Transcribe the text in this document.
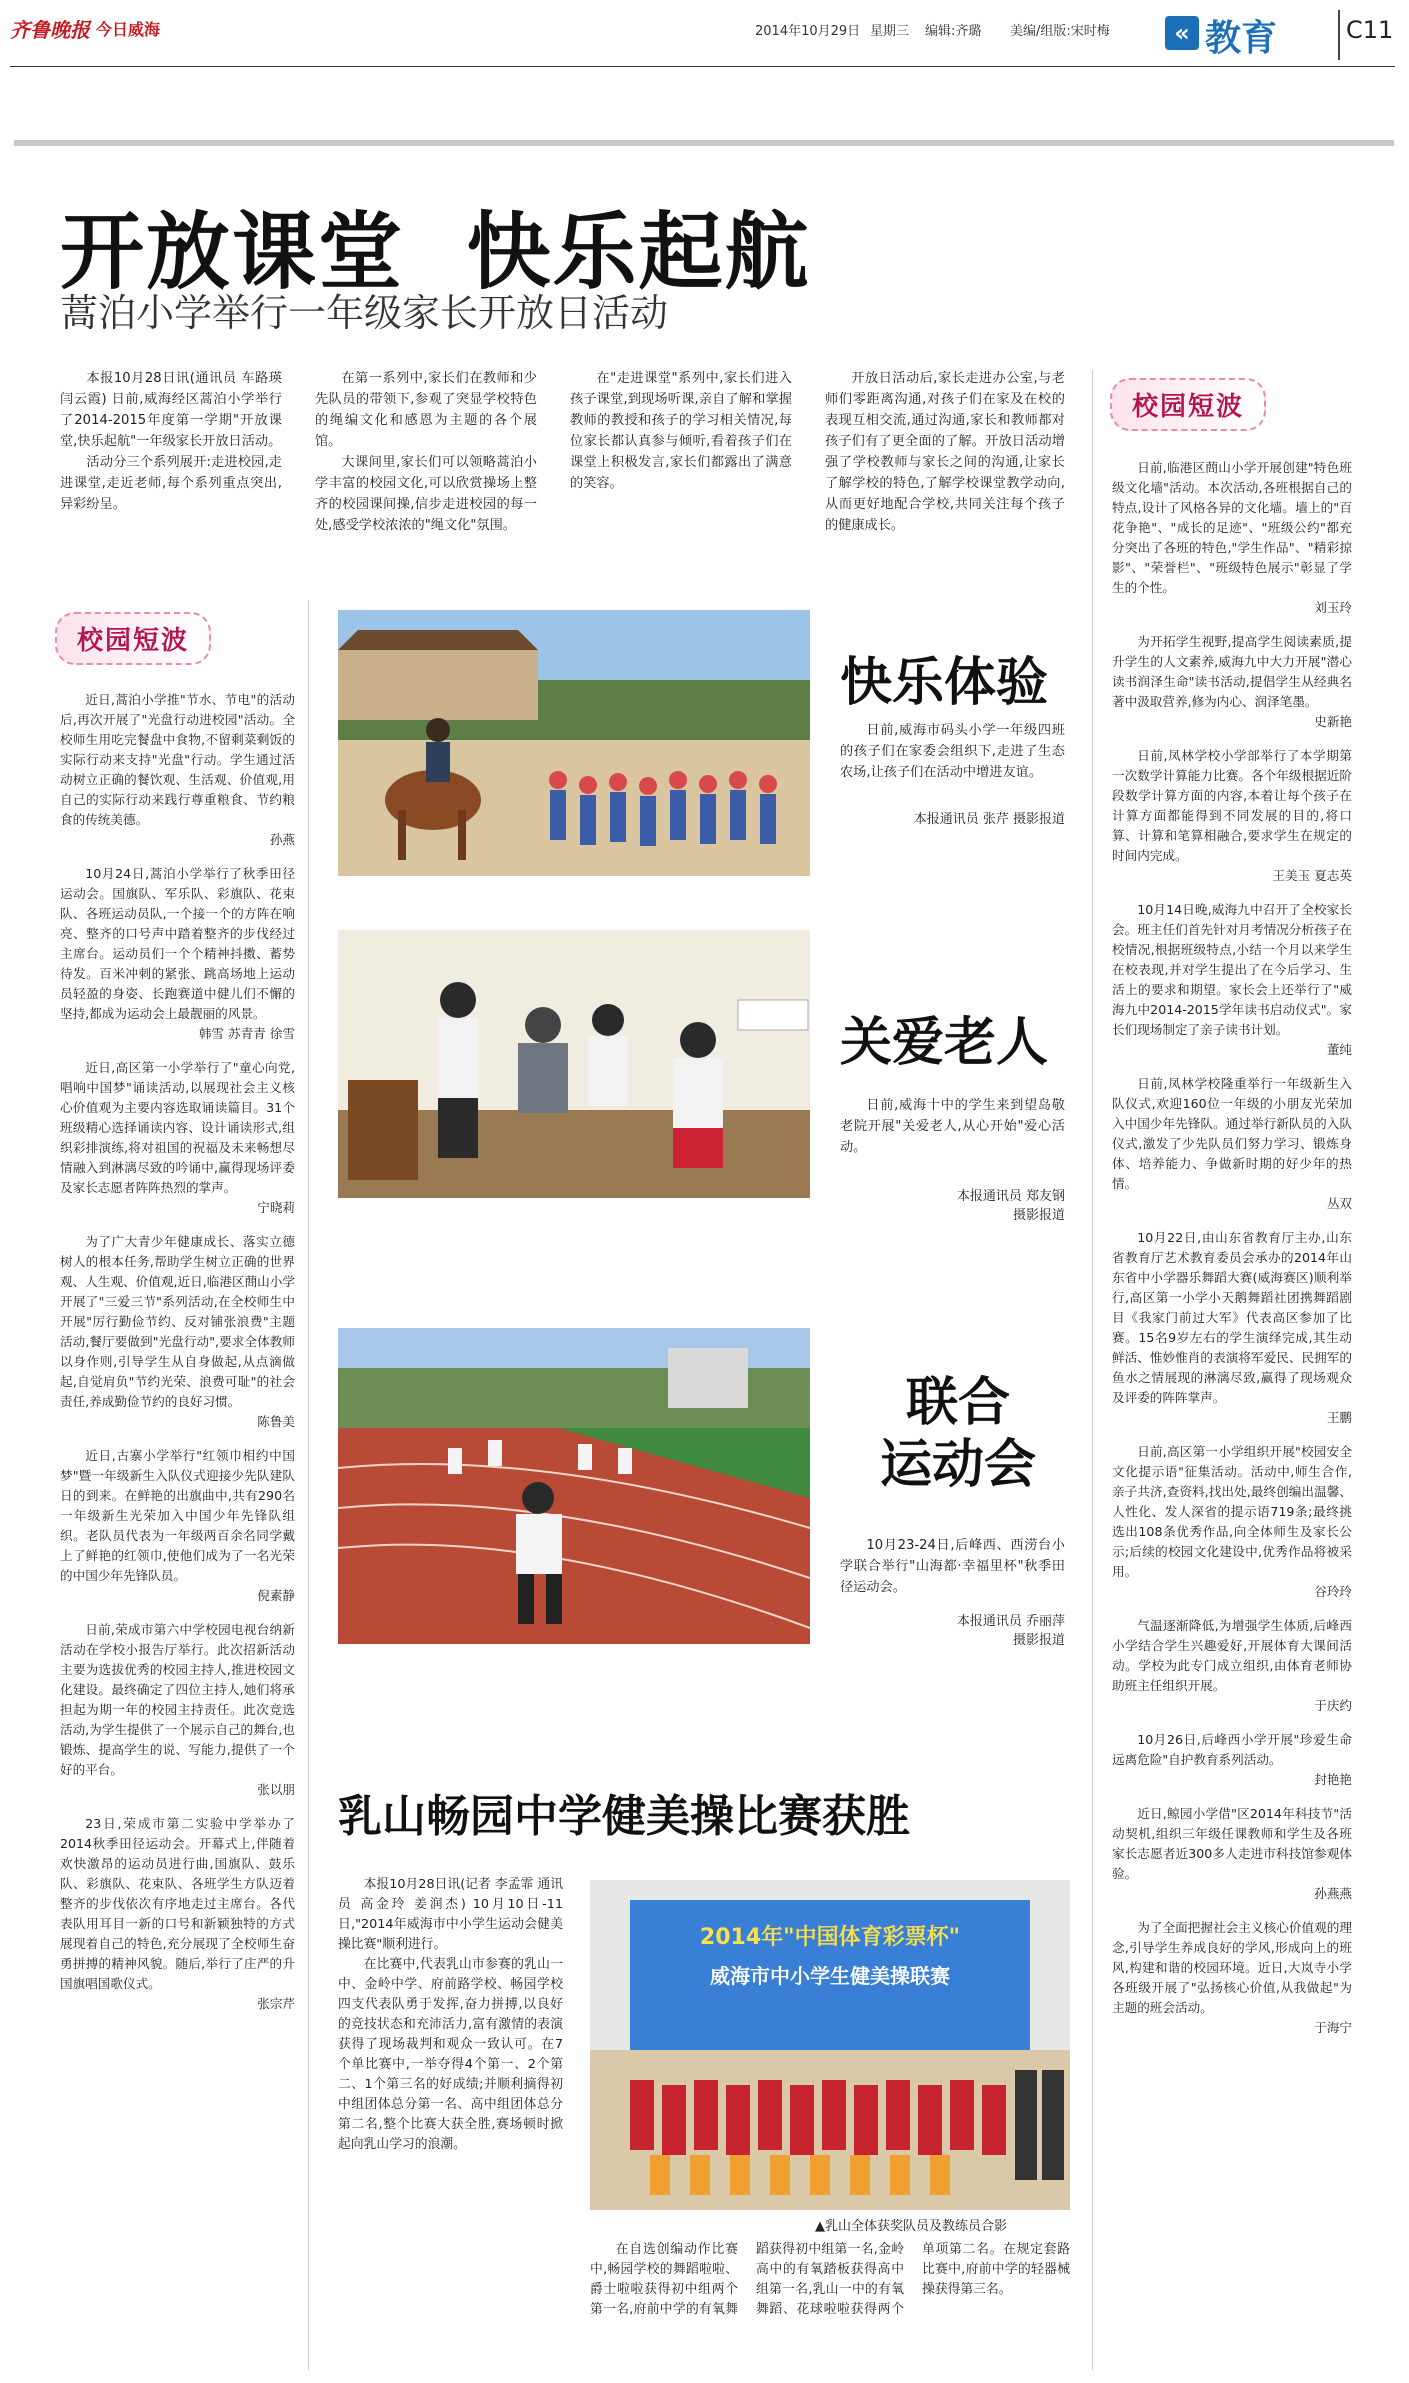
齐鲁晚报 今日威海	2014年10月29日 星期三 编辑:齐璐 美编/组版:宋时梅	« 教育	C11
开放课堂  快乐起航
蒿泊小学举行一年级家长开放日活动

本报10月28日讯(通讯员 车路瑛 闫云霞) 日前,威海经区蒿泊小学举行了2014-2015年度第一学期"开放课堂,快乐起航"一年级家长开放日活动。

活动分三个系列展开:走进校园,走进课堂,走近老师,每个系列重点突出,异彩纷呈。

在第一系列中,家长们在教师和少先队员的带领下,参观了突显学校特色的绳编文化和感恩为主题的各个展馆。

大课间里,家长们可以领略蒿泊小学丰富的校园文化,可以欣赏操场上整齐的校园课间操,信步走进校园的每一处,感受学校浓浓的"绳文化"氛围。

在"走进课堂"系列中,家长们进入孩子课堂,到现场听课,亲自了解和掌握教师的教授和孩子的学习相关情况,每位家长都认真参与倾听,看着孩子们在课堂上积极发言,家长们都露出了满意的笑容。

开放日活动后,家长走进办公室,与老师们零距离沟通,对孩子们在家及在校的表现互相交流,通过沟通,家长和教师都对孩子们有了更全面的了解。开放日活动增强了学校教师与家长之间的沟通,让家长了解学校的特色,了解学校课堂教学动向,从而更好地配合学校,共同关注每个孩子的健康成长。

校园短波

近日,蒿泊小学推"节水、节电"的活动后,再次开展了"光盘行动进校园"活动。全校师生用吃完餐盘中食物,不留剩菜剩饭的实际行动来支持"光盘"行动。学生通过活动树立正确的餐饮观、生活观、价值观,用自己的实际行动来践行尊重粮食、节约粮食的传统美德。

孙燕

10月24日,蒿泊小学举行了秋季田径运动会。国旗队、军乐队、彩旗队、花束队、各班运动员队,一个接一个的方阵在响亮、整齐的口号声中踏着整齐的步伐经过主席台。运动员们一个个精神抖擞、蓄势待发。百米冲刺的紧张、跳高场地上运动员轻盈的身姿、长跑赛道中健儿们不懈的坚持,都成为运动会上最靓丽的风景。

韩雪 苏青青 徐雪

近日,高区第一小学举行了"童心向党,唱响中国梦"诵读活动,以展现社会主义核心价值观为主要内容选取诵读篇目。31个班级精心选择诵读内容、设计诵读形式,组织彩排演练,将对祖国的祝福及未来畅想尽情融入到淋漓尽致的吟诵中,赢得现场评委及家长志愿者阵阵热烈的掌声。

宁晓莉

为了广大青少年健康成长、落实立德树人的根本任务,帮助学生树立正确的世界观、人生观、价值观,近日,临港区蔄山小学开展了"三爱三节"系列活动,在全校师生中开展"厉行勤俭节约、反对铺张浪费"主题活动,餐厅要做到"光盘行动",要求全体教师以身作则,引导学生从自身做起,从点滴做起,自觉肩负"节约光荣、浪费可耻"的社会责任,养成勤俭节约的良好习惯。

陈鲁美

近日,古寨小学举行"红领巾相约中国梦"暨一年级新生入队仪式迎接少先队建队日的到来。在鲜艳的出旗曲中,共有290名一年级新生光荣加入中国少年先锋队组织。老队员代表为一年级两百余名同学戴上了鲜艳的红领巾,使他们成为了一名光荣的中国少年先锋队员。

倪素静

日前,荣成市第六中学校园电视台纳新活动在学校小报告厅举行。此次招新活动主要为选拔优秀的校园主持人,推进校园文化建设。最终确定了四位主持人,她们将承担起为期一年的校园主持责任。此次竞选活动,为学生提供了一个展示自己的舞台,也锻炼、提高学生的说、写能力,提供了一个好的平台。

张以朋

23日,荣成市第二实验中学举办了2014秋季田径运动会。开幕式上,伴随着欢快激昂的运动员进行曲,国旗队、鼓乐队、彩旗队、花束队、各班学生方队迈着整齐的步伐依次有序地走过主席台。各代表队用耳目一新的口号和新颖独特的方式展现着自己的特色,充分展现了全校师生奋勇拼搏的精神风貌。随后,举行了庄严的升国旗唱国歌仪式。

张宗芹
校园短波

日前,临港区蔄山小学开展创建"特色班级文化墙"活动。本次活动,各班根据自己的特点,设计了风格各异的文化墙。墙上的"百花争艳"、"成长的足迹"、"班级公约"都充分突出了各班的特色,"学生作品"、"精彩掠影"、"荣誉栏"、"班级特色展示"彰显了学生的个性。

刘玉玲

为开拓学生视野,提高学生阅读素质,提升学生的人文素养,威海九中大力开展"潜心读书润泽生命"读书活动,提倡学生从经典名著中汲取营养,修为内心、润泽笔墨。

史新艳

日前,凤林学校小学部举行了本学期第一次数学计算能力比赛。各个年级根据近阶段数学计算方面的内容,本着让每个孩子在计算方面都能得到不同发展的目的,将口算、计算和笔算相融合,要求学生在规定的时间内完成。

王美玉 夏志英

10月14日晚,威海九中召开了全校家长会。班主任们首先针对月考情况分析孩子在校情况,根据班级特点,小结一个月以来学生在校表现,并对学生提出了在今后学习、生活上的要求和期望。家长会上还举行了"威海九中2014-2015学年读书启动仪式"。家长们现场制定了亲子读书计划。

董纯

日前,凤林学校隆重举行一年级新生入队仪式,欢迎160位一年级的小朋友光荣加入中国少年先锋队。通过举行新队员的入队仪式,激发了少先队员们努力学习、锻炼身体、培养能力、争做新时期的好少年的热情。

丛双

10月22日,由山东省教育厅主办,山东省教育厅艺术教育委员会承办的2014年山东省中小学器乐舞蹈大赛(威海赛区)顺利举行,高区第一小学小天鹅舞蹈社团携舞蹈剧目《我家门前过大军》代表高区参加了比赛。15名9岁左右的学生演绎完成,其生动鲜活、惟妙惟肖的表演将军爱民、民拥军的鱼水之情展现的淋漓尽致,赢得了现场观众及评委的阵阵掌声。

王鹏

日前,高区第一小学组织开展"校园安全文化提示语"征集活动。活动中,师生合作,亲子共济,查资料,找出处,最终创编出温馨、人性化、发人深省的提示语719条;最终挑选出108条优秀作品,向全体师生及家长公示;后续的校园文化建设中,优秀作品将被采用。

谷玲玲

气温逐渐降低,为增强学生体质,后峰西小学结合学生兴趣爱好,开展体育大课间活动。学校为此专门成立组织,由体育老师协助班主任组织开展。

于庆约

10月26日,后峰西小学开展"珍爱生命 远离危险"自护教育系列活动。

封艳艳

近日,鲸园小学借"区2014年科技节"活动契机,组织三年级任课教师和学生及各班家长志愿者近300多人走进市科技馆参观体验。

孙燕燕

为了全面把握社会主义核心价值观的理念,引导学生养成良好的学风,形成向上的班风,构建和谐的校园环境。近日,大岚寺小学各班级开展了"弘扬核心价值,从我做起"为主题的班会活动。

于海宁
快乐体验

日前,威海市码头小学一年级四班的孩子们在家委会组织下,走进了生态农场,让孩子们在活动中增进友谊。

本报通讯员 张芹 摄影报道
关爱老人

日前,威海十中的学生来到望岛敬老院开展"关爱老人,从心开始"爱心活动。

本报通讯员 郑友钢
摄影报道
联合
运动会

10月23-24日,后峰西、西涝台小学联合举行"山海都·幸福里杯"秋季田径运动会。

本报通讯员 乔丽萍
摄影报道
乳山畅园中学健美操比赛获胜

本报10月28日讯(记者 李孟霏 通讯员 高金玲 姜润杰) 10月10日-11日,"2014年威海市中小学生运动会健美操比赛"顺利进行。

在比赛中,代表乳山市参赛的乳山一中、金岭中学、府前路学校、畅园学校四支代表队勇于发挥,奋力拼搏,以良好的竞技状态和充沛活力,富有激情的表演获得了现场裁判和观众一致认可。在7个单比赛中,一举夺得4个第一、2个第二、1个第三名的好成绩;并顺利摘得初中组团体总分第一名、高中组团体总分第二名,整个比赛大获全胜,赛场顿时掀起向乳山学习的浪潮。

2014年"中国体育彩票杯"
威海市中小学生健美操联赛
▲乳山全体获奖队员及教练员合影

在自选创编动作比赛中,畅园学校的舞蹈啦啦、爵士啦啦获得初中组两个第一名,府前中学的有氧舞蹈获得初中组第一名,金岭高中的有氧踏板获得高中组第一名,乳山一中的有氧舞蹈、花球啦啦获得两个单项第二名。在规定套路比赛中,府前中学的轻器械操获得第三名。
